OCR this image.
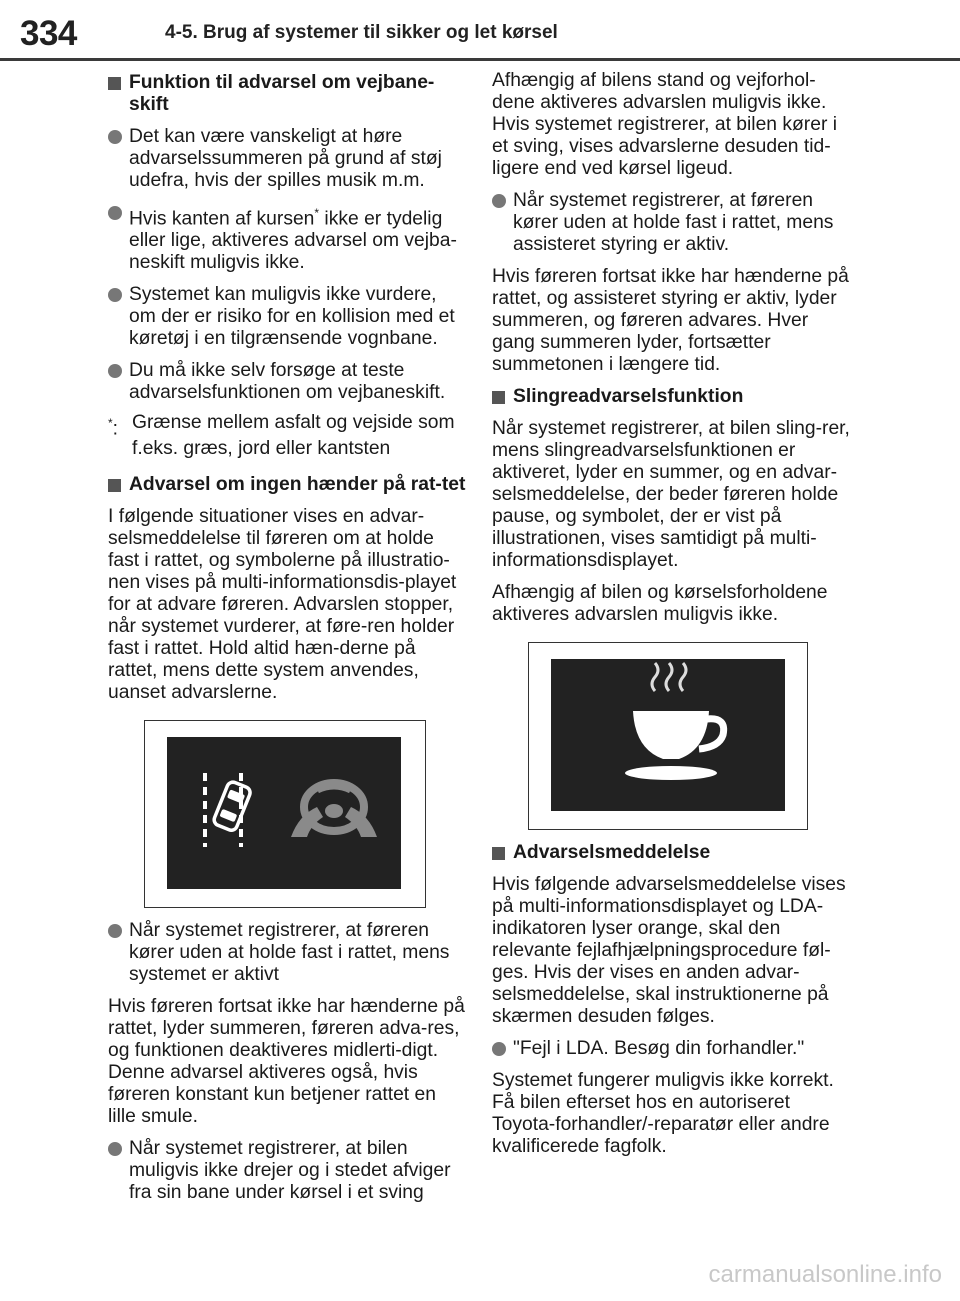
334	4-5. Brug af systemer til sikker og let kørsel
Funktion til advarsel om vejbane-skift
Det kan være vanskeligt at høre advarselssummeren på grund af støj udefra, hvis der spilles musik m.m.
Hvis kanten af kursen* ikke er tydelig eller lige, aktiveres advarsel om vejba-neskift muligvis ikke.
Systemet kan muligvis ikke vurdere, om der er risiko for en kollision med et køretøj i en tilgrænsende vognbane.
Du må ikke selv forsøge at teste advarselsfunktionen om vejbaneskift.
*: Grænse mellem asfalt og vejside som f.eks. græs, jord eller kantsten
Advarsel om ingen hænder på rat-tet
I følgende situationer vises en advar-selsmeddelelse til føreren om at holde fast i rattet, og symbolerne på illustratio-nen vises på multi-informationsdis-playet for at advare føreren. Advarslen stopper, når systemet vurderer, at føre-ren holder fast i rattet. Hold altid hæn-derne på rattet, mens dette system anvendes, uanset advarslerne.
Når systemet registrerer, at føreren kører uden at holde fast i rattet, mens systemet er aktivt
Hvis føreren fortsat ikke har hænderne på rattet, lyder summeren, føreren adva-res, og funktionen deaktiveres midlerti-digt. Denne advarsel aktiveres også, hvis føreren konstant kun betjener rattet en lille smule.
Når systemet registrerer, at bilen muligvis ikke drejer og i stedet afviger fra sin bane under kørsel i et sving
Afhængig af bilens stand og vejforhol-dene aktiveres advarslen muligvis ikke. Hvis systemet registrerer, at bilen kører i et sving, vises advarslerne desuden tid-ligere end ved kørsel ligeud.
Når systemet registrerer, at føreren kører uden at holde fast i rattet, mens assisteret styring er aktiv.
Hvis føreren fortsat ikke har hænderne på rattet, og assisteret styring er aktiv, lyder summeren, og føreren advares. Hver gang summeren lyder, fortsætter summetonen i længere tid.
Slingreadvarselsfunktion
Når systemet registrerer, at bilen sling-rer, mens slingreadvarselsfunktionen er aktiveret, lyder en summer, og en advar-selsmeddelelse, der beder føreren holde pause, og symbolet, der er vist på illustrationen, vises samtidigt på multi-informationsdisplayet.
Afhængig af bilen og kørselsforholdene aktiveres advarslen muligvis ikke.
Advarselsmeddelelse
Hvis følgende advarselsmeddelelse vises på multi-informationsdisplayet og LDA-indikatoren lyser orange, skal den relevante fejlafhjælpningsprocedure føl-ges. Hvis der vises en anden advar-selsmeddelelse, skal instruktionerne på skærmen desuden følges.
"Fejl i LDA. Besøg din forhandler."
Systemet fungerer muligvis ikke korrekt. Få bilen efterset hos en autoriseret Toyota-forhandler/-reparatør eller andre kvalificerede fagfolk.
carmanualsonline.info
